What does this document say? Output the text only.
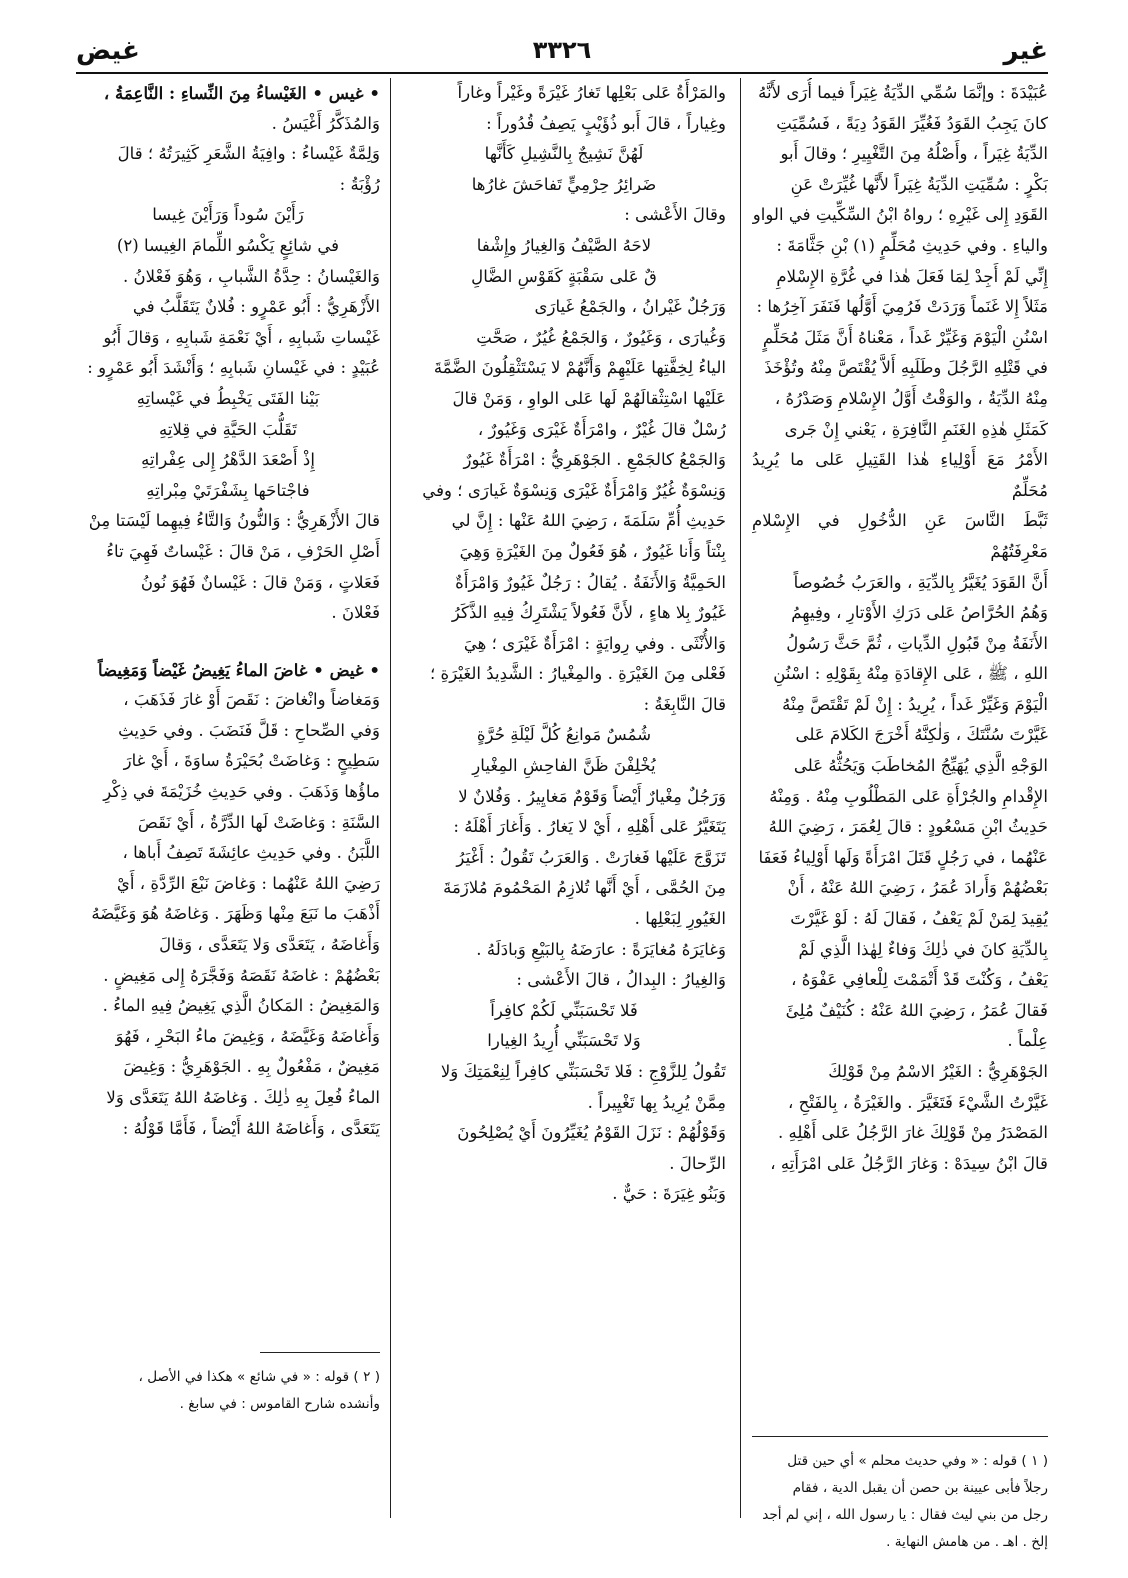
غير
٣٣٢٦
غيض

عُبَيْدَةَ : وإنَّمَا سُمِّي الدِّيَةُ غِيَراً فيما أُرَى لأَنَّهُ

كانَ يَجِبُ القَوَدُ فَغُيِّرَ القَوَدُ دِيَةً ، فَسُمِّيَتِ

الدِّيَةُ غِيَراً ، وأَصْلُهُ مِنَ التَّغْيِيرِ ؛ وقالَ أَبو

بَكْرٍ : سُمِّيَتِ الدِّيَةُ غِيَراً لأَنَّها غُيِّرَتْ عَنِ

القَوَدِ إِلى غَيْرِهِ ؛ رواهُ ابْنُ السِّكِّيتِ في الواو

والياءِ . وفي حَدِيثِ مُحَلِّمٍ (١) بْنِ جَثَّامَةَ :

إِنِّي لَمْ أَجِدْ لِمَا فَعَلَ هٰذا في غُرَّةِ الإِسْلامِ

مَثَلاً إِلا غَنَماً وَرَدَتْ فَرُمِيَ أَوَّلُها فَنَفَرَ آخِرُها :

اسْنُنِ الْيَوْمَ وَغَيِّرْ غَداً ، مَعْناهُ أَنَّ مَثَلَ مُحَلِّمٍ

في قَتْلِهِ الرَّجُلَ وطَلَبِهِ أَلاَّ يُقْتَصَّ مِنْهُ وتُؤْخَذَ

مِنْهُ الدِّيَةُ ، والوَقْتُ أَوَّلُ الإِسْلامِ وَصَدْرُهُ ،

كَمَثَلِ هٰذِهِ الغَنَمِ النَّافِرَةِ ، يَعْني إِنْ جَرى

الأَمْرُ مَعَ أَوْلِياءِ هٰذا القَتِيلِ عَلى ما يُرِيدُ مُحَلِّمٌ

ثَبَّطَ النَّاسَ عَنِ الدُّخُولِ في الإِسْلامِ مَعْرِفَتُهُمْ

أَنَّ القَوَدَ يُغَيَّرُ بِالدِّيَةِ ، والعَرَبُ خُصُوصاً

وَهُمُ الحُرَّاصُ عَلى دَرَكِ الأَوْتارِ ، وفِيهِمُ

الأَنَفَةُ مِنْ قَبُولِ الدِّياتِ ، ثُمَّ حَثَّ رَسُولُ

اللهِ ، ﷺ ، عَلى الإِقادَةِ مِنْهُ بِقَوْلِهِ : اسْنُنِ

الْيَوْمَ وَغَيِّرْ غَداً ، يُرِيدُ : إِنْ لَمْ تَقْتَصَّ مِنْهُ

غَيَّرْتَ سُنَّتَكَ ، وَلٰكِنَّهُ أَخْرَجَ الكَلامَ عَلى

الوَجْهِ الَّذِي يُهَيِّجُ المُخاطَبَ وَيَحُثُّهُ عَلى

الإِقْدامِ والجُرْأَةِ عَلى المَطْلُوبِ مِنْهُ . وَمِنْهُ

حَدِيثُ ابْنِ مَسْعُودٍ : قالَ لِعُمَرَ ، رَضِيَ اللهُ

عَنْهُما ، في رَجُلٍ قَتَلَ امْرَأَةً وَلَها أَوْلِياءُ فَعَفَا

بَعْضُهُمْ وَأَرادَ عُمَرُ ، رَضِيَ اللهُ عَنْهُ ، أَنْ

يُقِيدَ لِمَنْ لَمْ يَعْفُ ، فَقالَ لَهُ : لَوْ غَيَّرْتَ

بِالدِّيَةِ كانَ في ذٰلِكَ وَفاءٌ لِهٰذا الَّذِي لَمْ

يَعْفُ ، وَكُنْتَ قَدْ أَتْمَمْتَ لِلْعافِي عَفْوَهُ ،

فَقالَ عُمَرُ ، رَضِيَ اللهُ عَنْهُ : كُنَيْفٌ مُلِئَ

عِلْماً .

الجَوْهَرِيُّ : الغَيْرُ الاسْمُ مِنْ قَوْلِكَ

غَيَّرْتُ الشَّيْءَ فَتَغَيَّرَ . والغَيْرَةُ ، بِالفَتْحِ ،

المَصْدَرُ مِنْ قَوْلِكَ غارَ الرَّجُلُ عَلى أَهْلِهِ .

قالَ ابْنُ سِيدَهْ : وَغارَ الرَّجُلُ عَلى امْرَأَتِهِ ،

( ١ ) قوله : « وفي حديث محلم » أي حين قتل

رجلاً فأبى عيينة بن حصن أن يقبل الدية ، فقام

رجل من بني ليث فقال : يا رسول الله ، إني لم أجد

إلخ . اهـ . من هامش النهاية .

والمَرْأَةُ عَلى بَعْلِها تَغارُ غَيْرَةً وغَيْراً وغاراً

وغِياراً ، قالَ أَبو ذُؤَيْبٍ يَصِفُ قُدُوراً :

لَهُنَّ نَشِيجٌ بِالنَّشِيلِ كَأَنَّها

ضَرائِرُ حِرْمِيٍّ تَفاحَشَ غارُها

وقالَ الأَعْشى :

لاحَهُ الصَّيْفُ وَالغِيارُ وإِشْفا

قٌ عَلى سَقْبَةٍ كَقَوْسِ الضَّالِ

وَرَجُلٌ غَيْرانُ ، والجَمْعُ غَيارَى

وَغُيارَى ، وَغَيُورٌ ، وَالجَمْعُ غُيُرٌ ، صَحَّتِ

الياءُ لِخِفَّتِها عَلَيْهِمْ وَأَنَّهُمْ لا يَسْتَثْقِلُونَ الضَّمَّةَ

عَلَيْها اسْتِثْقالَهُمْ لَها عَلى الواوِ ، وَمَنْ قالَ

رُسْلٌ قالَ غُيْرٌ ، وامْرَأَةٌ غَيْرَى وَغَيُورٌ ،

وَالجَمْعُ كالجَمْعِ . الجَوْهَرِيُّ : امْرَأَةٌ غَيُورٌ

وَنِسْوَةٌ غُيُرٌ وَامْرَأَةٌ غَيْرَى وَنِسْوَةٌ غَيارَى ؛ وفي

حَدِيثِ أُمِّ سَلَمَةَ ، رَضِيَ اللهُ عَنْها : إِنَّ لي

بِنْتاً وَأَنا غَيُورٌ ، هُوَ فَعُولٌ مِنَ الغَيْرَةِ وَهِيَ

الحَمِيَّةُ وَالأَنَفَةُ . يُقالُ : رَجُلٌ غَيُورٌ وَامْرَأَةٌ

غَيُورٌ بِلا هاءٍ ، لأَنَّ فَعُولاً يَشْتَرِكُ فِيهِ الذَّكَرُ

وَالأُنْثَى . وفي رِوايَةٍ : امْرَأَةٌ غَيْرَى ؛ هِيَ

فَعْلى مِنَ الغَيْرَةِ . والمِغْيارُ : الشَّدِيدُ الغَيْرَةِ ؛

قالَ النَّابِغَةُ :

شُمُسٌ مَوانِعُ كُلَّ لَيْلَةِ حُرَّةٍ

يُخْلِفْنَ ظَنَّ الفاحِشِ المِغْيارِ

وَرَجُلٌ مِغْيارٌ أَيْضاً وَقَوْمٌ مَغايِيرُ . وَفُلانٌ لا

يَتَغَيَّرُ عَلى أَهْلِهِ ، أَيْ لا يَغارُ . وَأَغارَ أَهْلَهُ :

تَزَوَّجَ عَلَيْها فَغارَتْ . وَالعَرَبُ تَقُولُ : أَغْيَرُ

مِنَ الحُمَّى ، أَيْ أَنَّها تُلازِمُ المَحْمُومَ مُلازَمَةَ

الغَيُورِ لِبَعْلِها .

وَغايَرَهُ مُغايَرَةً : عارَضَهُ بِالبَيْعِ وَبادَلَهُ .

وَالغِيارُ : البِدالُ ، قالَ الأَعْشى :

فَلا تَحْسَبَنِّي لَكُمْ كافِراً

وَلا تَحْسَبَنِّي أُرِيدُ الغِيارا

تَقُولُ لِلزَّوْجِ : فَلا تَحْسَبَنِّي كافِراً لِنِعْمَتِكَ وَلا

مِمَّنْ يُرِيدُ بِها تَغْيِيراً .

وَقَوْلُهُمْ : نَزَلَ القَوْمُ يُغَيِّرُونَ أَيْ يُصْلِحُونَ

الرِّحالَ .

وَبَنُو غِيَرَةَ : حَيٌّ .

• غيس • الغَيْساءُ مِنَ النِّساءِ : النَّاعِمَةُ ،

وَالمُذَكَّرُ أَغْيَسُ .

وَلِمَّةٌ غَيْساءُ : وافِيَةُ الشَّعَرِ كَثِيرَتُهُ ؛ قالَ

رُؤْبَةُ :

رَأَيْنَ سُوداً وَرَأَيْنَ غِيسا

في شائِعٍ يَكْسُو اللِّمامَ الغِيسا (٢)

وَالغَيْسانُ : حِدَّةُ الشَّبابِ ، وَهُوَ فَعْلانُ .

الأَزْهَرِيُّ : أَبُو عَمْرٍو : فُلانٌ يَتَقَلَّبُ في

غَيْساتِ شَبابِهِ ، أَيْ نَعْمَةِ شَبابِهِ ، وَقالَ أَبُو

عُبَيْدٍ : في غَيْسانِ شَبابِهِ ؛ وَأَنْشَدَ أَبُو عَمْرٍو :

بَيْنا الفَتَى يَخْبِطُ في غَيْساتِهِ

تَقَلُّبَ الحَيَّةِ في قِلاتِهِ

إِذْ أَصْعَدَ الدَّهْرُ إِلى عِفْراتِهِ

فاجْتاحَها بِشَفْرَتَيْ مِبْراتِهِ

قالَ الأَزْهَرِيُّ : وَالنُّونُ وَالتَّاءُ فِيهِما لَيْسَتا مِنْ

أَصْلِ الحَرْفِ ، مَنْ قالَ : غَيْساتٌ فَهِيَ تاءُ

فَعَلاتٍ ، وَمَنْ قالَ : غَيْسانٌ فَهُوَ نُونُ

فَعْلانَ .

• غيض • غاضَ الماءُ يَغِيضُ غَيْضاً وَمَغِيضاً

وَمَغاضاً وانْغاضَ : نَقَصَ أَوْ غارَ فَذَهَبَ ،

وَفي الصِّحاحِ : قَلَّ فَنَضَبَ . وفي حَدِيثِ

سَطِيحٍ : وَغاضَتْ بُحَيْرَةُ ساوَةَ ، أَيْ غارَ

ماؤُها وَذَهَبَ . وفي حَدِيثِ خُزَيْمَةَ في ذِكْرِ

السَّنَةِ : وَغاضَتْ لَها الدِّرَّةُ ، أَيْ نَقَصَ

اللَّبَنُ . وفي حَدِيثِ عائِشَةَ تَصِفُ أَباها ،

رَضِيَ اللهُ عَنْهُما : وَغاضَ نَبْعَ الرِّدَّةِ ، أَيْ

أَذْهَبَ ما نَبَعَ مِنْها وَظَهَرَ . وَغاضَهُ هُوَ وَغَيَّضَهُ

وَأَغاضَهُ ، يَتَعَدَّى وَلا يَتَعَدَّى ، وَقالَ

بَعْضُهُمْ : غاضَهُ نَقَصَهُ وَفَجَّرَهُ إِلى مَغِيضٍ .

وَالمَغِيضُ : المَكانُ الَّذِي يَغِيضُ فِيهِ الماءُ .

وَأَغاضَهُ وَغَيَّضَهُ ، وَغِيضَ ماءُ البَحْرِ ، فَهُوَ

مَغِيضٌ ، مَفْعُولٌ بِهِ . الجَوْهَرِيُّ : وَغِيضَ

الماءُ فُعِلَ بِهِ ذٰلِكَ . وَغاضَهُ اللهُ يَتَعَدَّى وَلا

يَتَعَدَّى ، وَأَغاضَهُ اللهُ أَيْضاً ، فَأَمَّا قَوْلُهُ :

( ٢ ) قوله : « في شائع » هكذا في الأصل ،

وأنشده شارح القاموس : في سابغ .
